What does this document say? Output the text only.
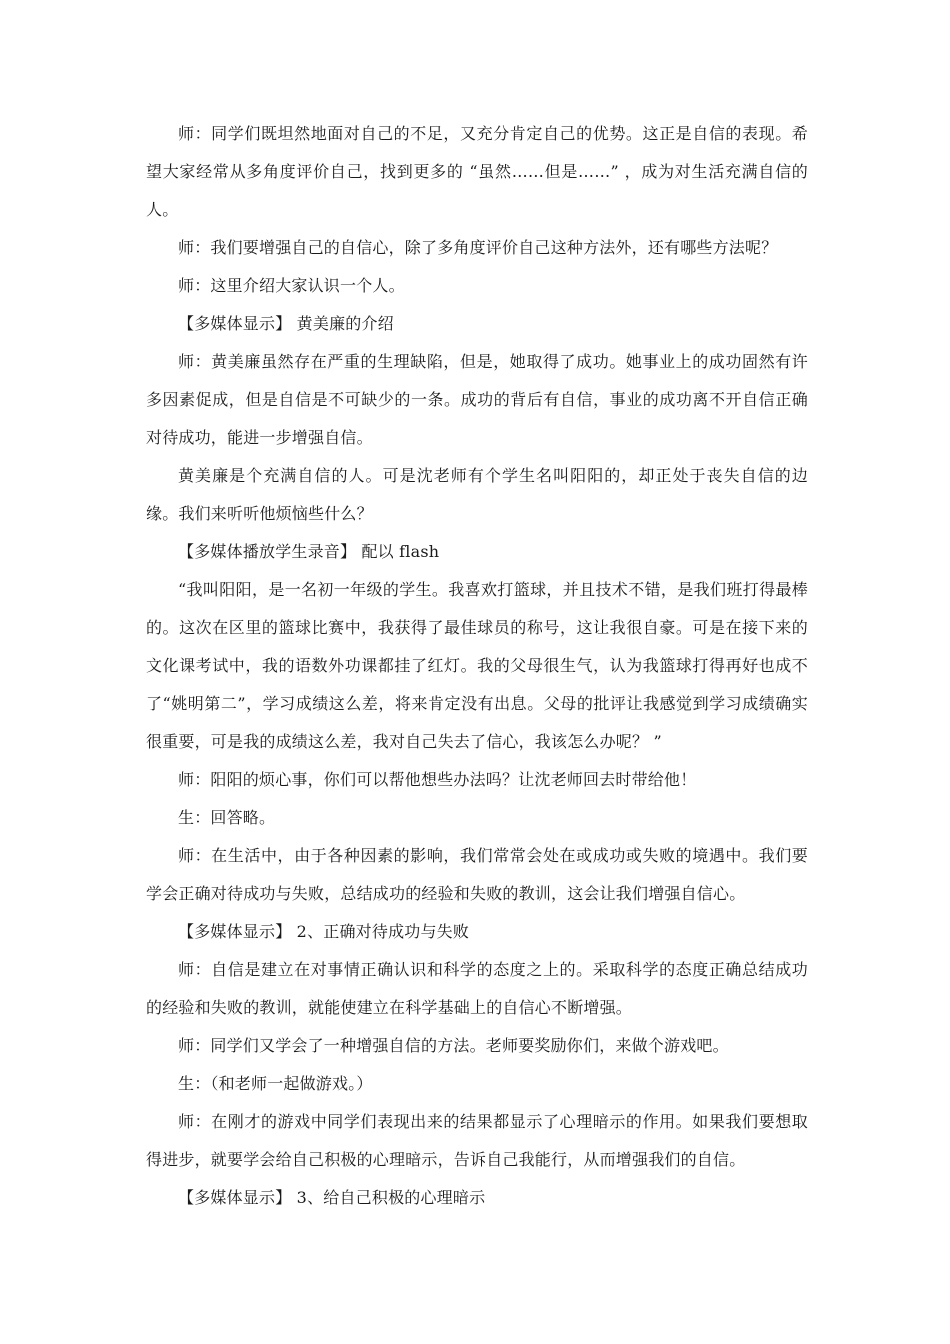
师：同学们既坦然地面对自己的不足，又充分肯定自己的优势。这正是自信的表现。希望大家经常从多角度评价自己，找到更多的 “虽然……但是……” ，成为对生活充满自信的人。

师：我们要增强自己的自信心，除了多角度评价自己这种方法外，还有哪些方法呢？

师：这里介绍大家认识一个人。

【多媒体显示】 黄美廉的介绍

师：黄美廉虽然存在严重的生理缺陷，但是，她取得了成功。她事业上的成功固然有许多因素促成，但是自信是不可缺少的一条。成功的背后有自信，事业的成功离不开自信正确对待成功，能进一步增强自信。

黄美廉是个充满自信的人。可是沈老师有个学生名叫阳阳的，却正处于丧失自信的边缘。我们来听听他烦恼些什么？

【多媒体播放学生录音】 配以 flash

“我叫阳阳，是一名初一年级的学生。我喜欢打篮球，并且技术不错，是我们班打得最棒的。这次在区里的篮球比赛中，我获得了最佳球员的称号，这让我很自豪。可是在接下来的文化课考试中，我的语数外功课都挂了红灯。我的父母很生气，认为我篮球打得再好也成不了“姚明第二”，学习成绩这么差，将来肯定没有出息。父母的批评让我感觉到学习成绩确实很重要，可是我的成绩这么差，我对自己失去了信心，我该怎么办呢？ ”

师：阳阳的烦心事，你们可以帮他想些办法吗？让沈老师回去时带给他！

生：回答略。

师：在生活中，由于各种因素的影响，我们常常会处在或成功或失败的境遇中。我们要学会正确对待成功与失败，总结成功的经验和失败的教训，这会让我们增强自信心。

【多媒体显示】 2、正确对待成功与失败

师：自信是建立在对事情正确认识和科学的态度之上的。采取科学的态度正确总结成功的经验和失败的教训，就能使建立在科学基础上的自信心不断增强。

师：同学们又学会了一种增强自信的方法。老师要奖励你们，来做个游戏吧。

生：（和老师一起做游戏。）

师：在刚才的游戏中同学们表现出来的结果都显示了心理暗示的作用。如果我们要想取得进步，就要学会给自己积极的心理暗示，告诉自己我能行，从而增强我们的自信。

【多媒体显示】 3、给自己积极的心理暗示
